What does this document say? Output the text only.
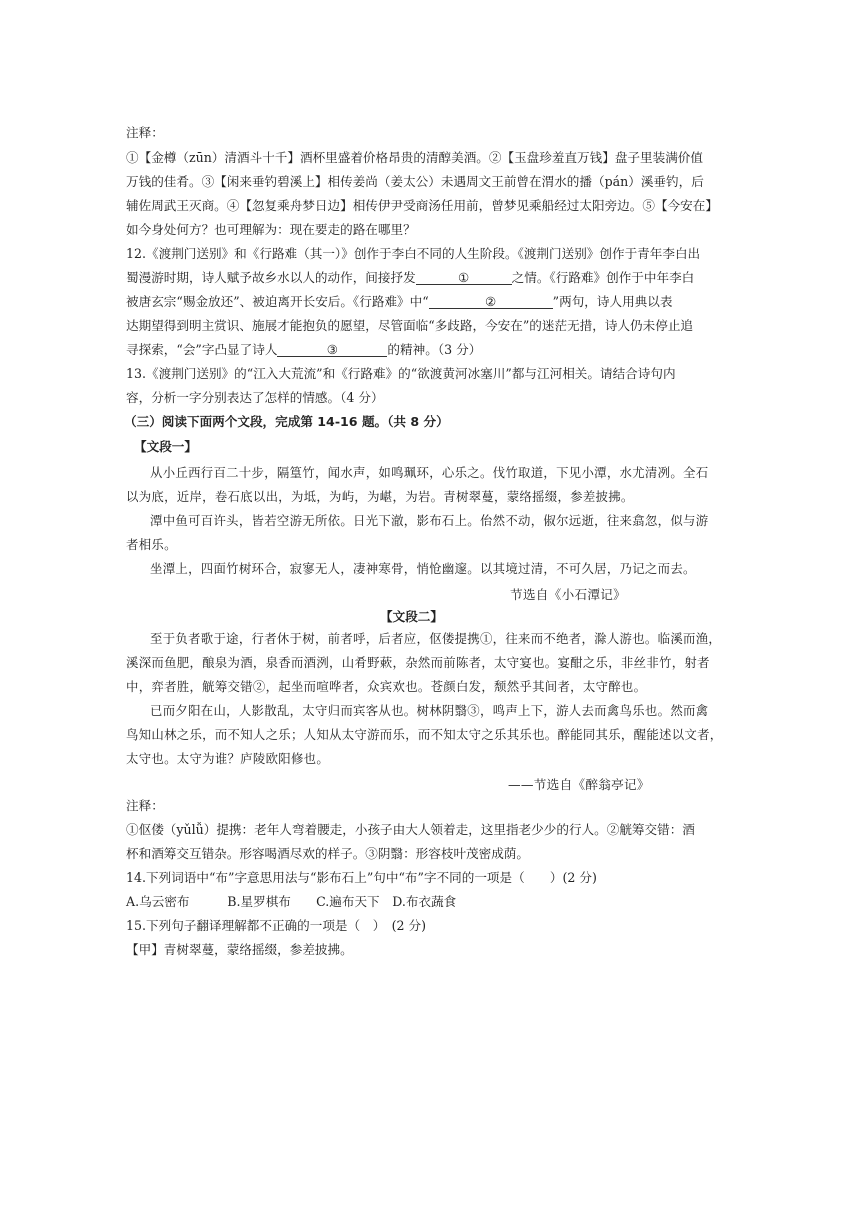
注释：
①【金樽（zūn）清酒斗十千】酒杯里盛着价格昂贵的清醇美酒。②【玉盘珍羞直万钱】盘子里装满价值
万钱的佳肴。③【闲来垂钓碧溪上】相传姜尚（姜太公）未遇周文王前曾在渭水的播（pán）溪垂钓，后
辅佐周武王灭商。④【忽复乘舟梦日边】相传伊尹受商汤任用前，曾梦见乘船经过太阳旁边。⑤【今安在】
如今身处何方？也可理解为：现在要走的路在哪里？
12.《渡荆门送别》和《行路难（其一）》创作于李白不同的人生阶段。《渡荆门送别》创作于青年李白出
蜀漫游时期，诗人赋予故乡水以人的动作，间接抒发	①	之情。《行路难》创作于中年李白
被唐玄宗“赐金放还”、被迫离开长安后。《行路难》中“	②	”两句，诗人用典以表
达期望得到明主赏识、施展才能抱负的愿望，尽管面临“多歧路，今安在”的迷茫无措，诗人仍未停止追
寻探索，“会”字凸显了诗人	③	的精神。（3 分）
13.《渡荆门送别》的“江入大荒流”和《行路难》的“欲渡黄河冰塞川”都与江河相关。请结合诗句内
容，分析一字分别表达了怎样的情感。（4 分）
（三）阅读下面两个文段，完成第 14-16 题。（共 8 分）
【文段一】
从小丘西行百二十步，隔篁竹，闻水声，如鸣珮环，心乐之。伐竹取道，下见小潭，水尤清冽。全石
以为底，近岸，卷石底以出，为坻，为屿，为嵁，为岩。青树翠蔓，蒙络摇缀，参差披拂。
潭中鱼可百许头，皆若空游无所依。日光下澈，影布石上。佁然不动，俶尔远逝，往来翕忽，似与游
者相乐。
坐潭上，四面竹树环合，寂寥无人，凄神寒骨，悄怆幽邃。以其境过清，不可久居，乃记之而去。
节选自《小石潭记》
【文段二】
至于负者歌于途，行者休于树，前者呼，后者应，伛偻提携①，往来而不绝者，滁人游也。临溪而渔，
溪深而鱼肥，酿泉为酒，泉香而酒洌，山肴野蔌，杂然而前陈者，太守宴也。宴酣之乐，非丝非竹，射者
中，弈者胜，觥筹交错②，起坐而喧哗者，众宾欢也。苍颜白发，颓然乎其间者，太守醉也。
已而夕阳在山，人影散乱，太守归而宾客从也。树林阴翳③，鸣声上下，游人去而禽鸟乐也。然而禽
鸟知山林之乐，而不知人之乐；人知从太守游而乐，而不知太守之乐其乐也。醉能同其乐，醒能述以文者，
太守也。太守为谁？庐陵欧阳修也。
——节选自《醉翁亭记》
注释：
①伛偻（yǔlǚ）提携：老年人弯着腰走，小孩子由大人领着走，这里指老少少的行人。②觥筹交错：酒
杯和酒筹交互错杂。形容喝酒尽欢的样子。③阴翳：形容枝叶茂密成荫。
14.下列词语中“布”字意思用法与“影布石上”句中“布”字不同的一项是（　　）(2 分)
A.乌云密布　　　B.星罗棋布　　C.遍布天下　D.布衣蔬食
15.下列句子翻译理解都不正确的一项是（　）　(2 分)
【甲】青树翠蔓，蒙络摇缀，参差披拂。
